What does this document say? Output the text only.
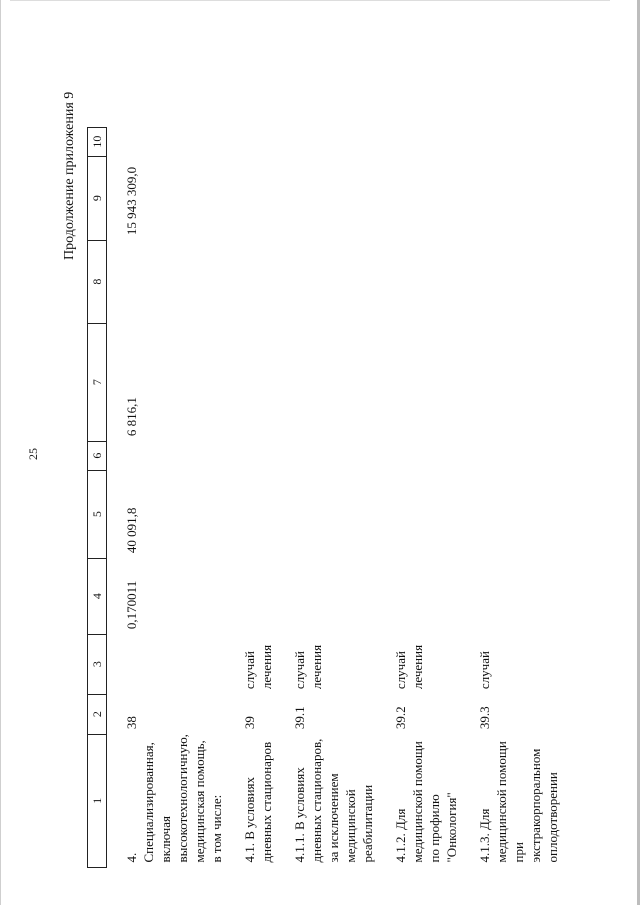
25
Продолжение приложения 9
1	2	3	4	5	6	7	8	9	10
4. Специализированная, включая высокотехнологичную, медицинская помощь, в том числе:	38		0,170011	40 091,8		6 816,1		15 943 309,0	
4.1. В условиях дневных стационаров	39	случай лечения							
4.1.1. В условиях дневных стационаров, за исключением медицинской реабилитации	39.1	случай лечения							
4.1.2. Для медицинской помощи по профилю "Онкология"	39.2	случай лечения							
4.1.3. Для медицинской помощи при экстракорпоральном оплодотворении	39.3	случай							
